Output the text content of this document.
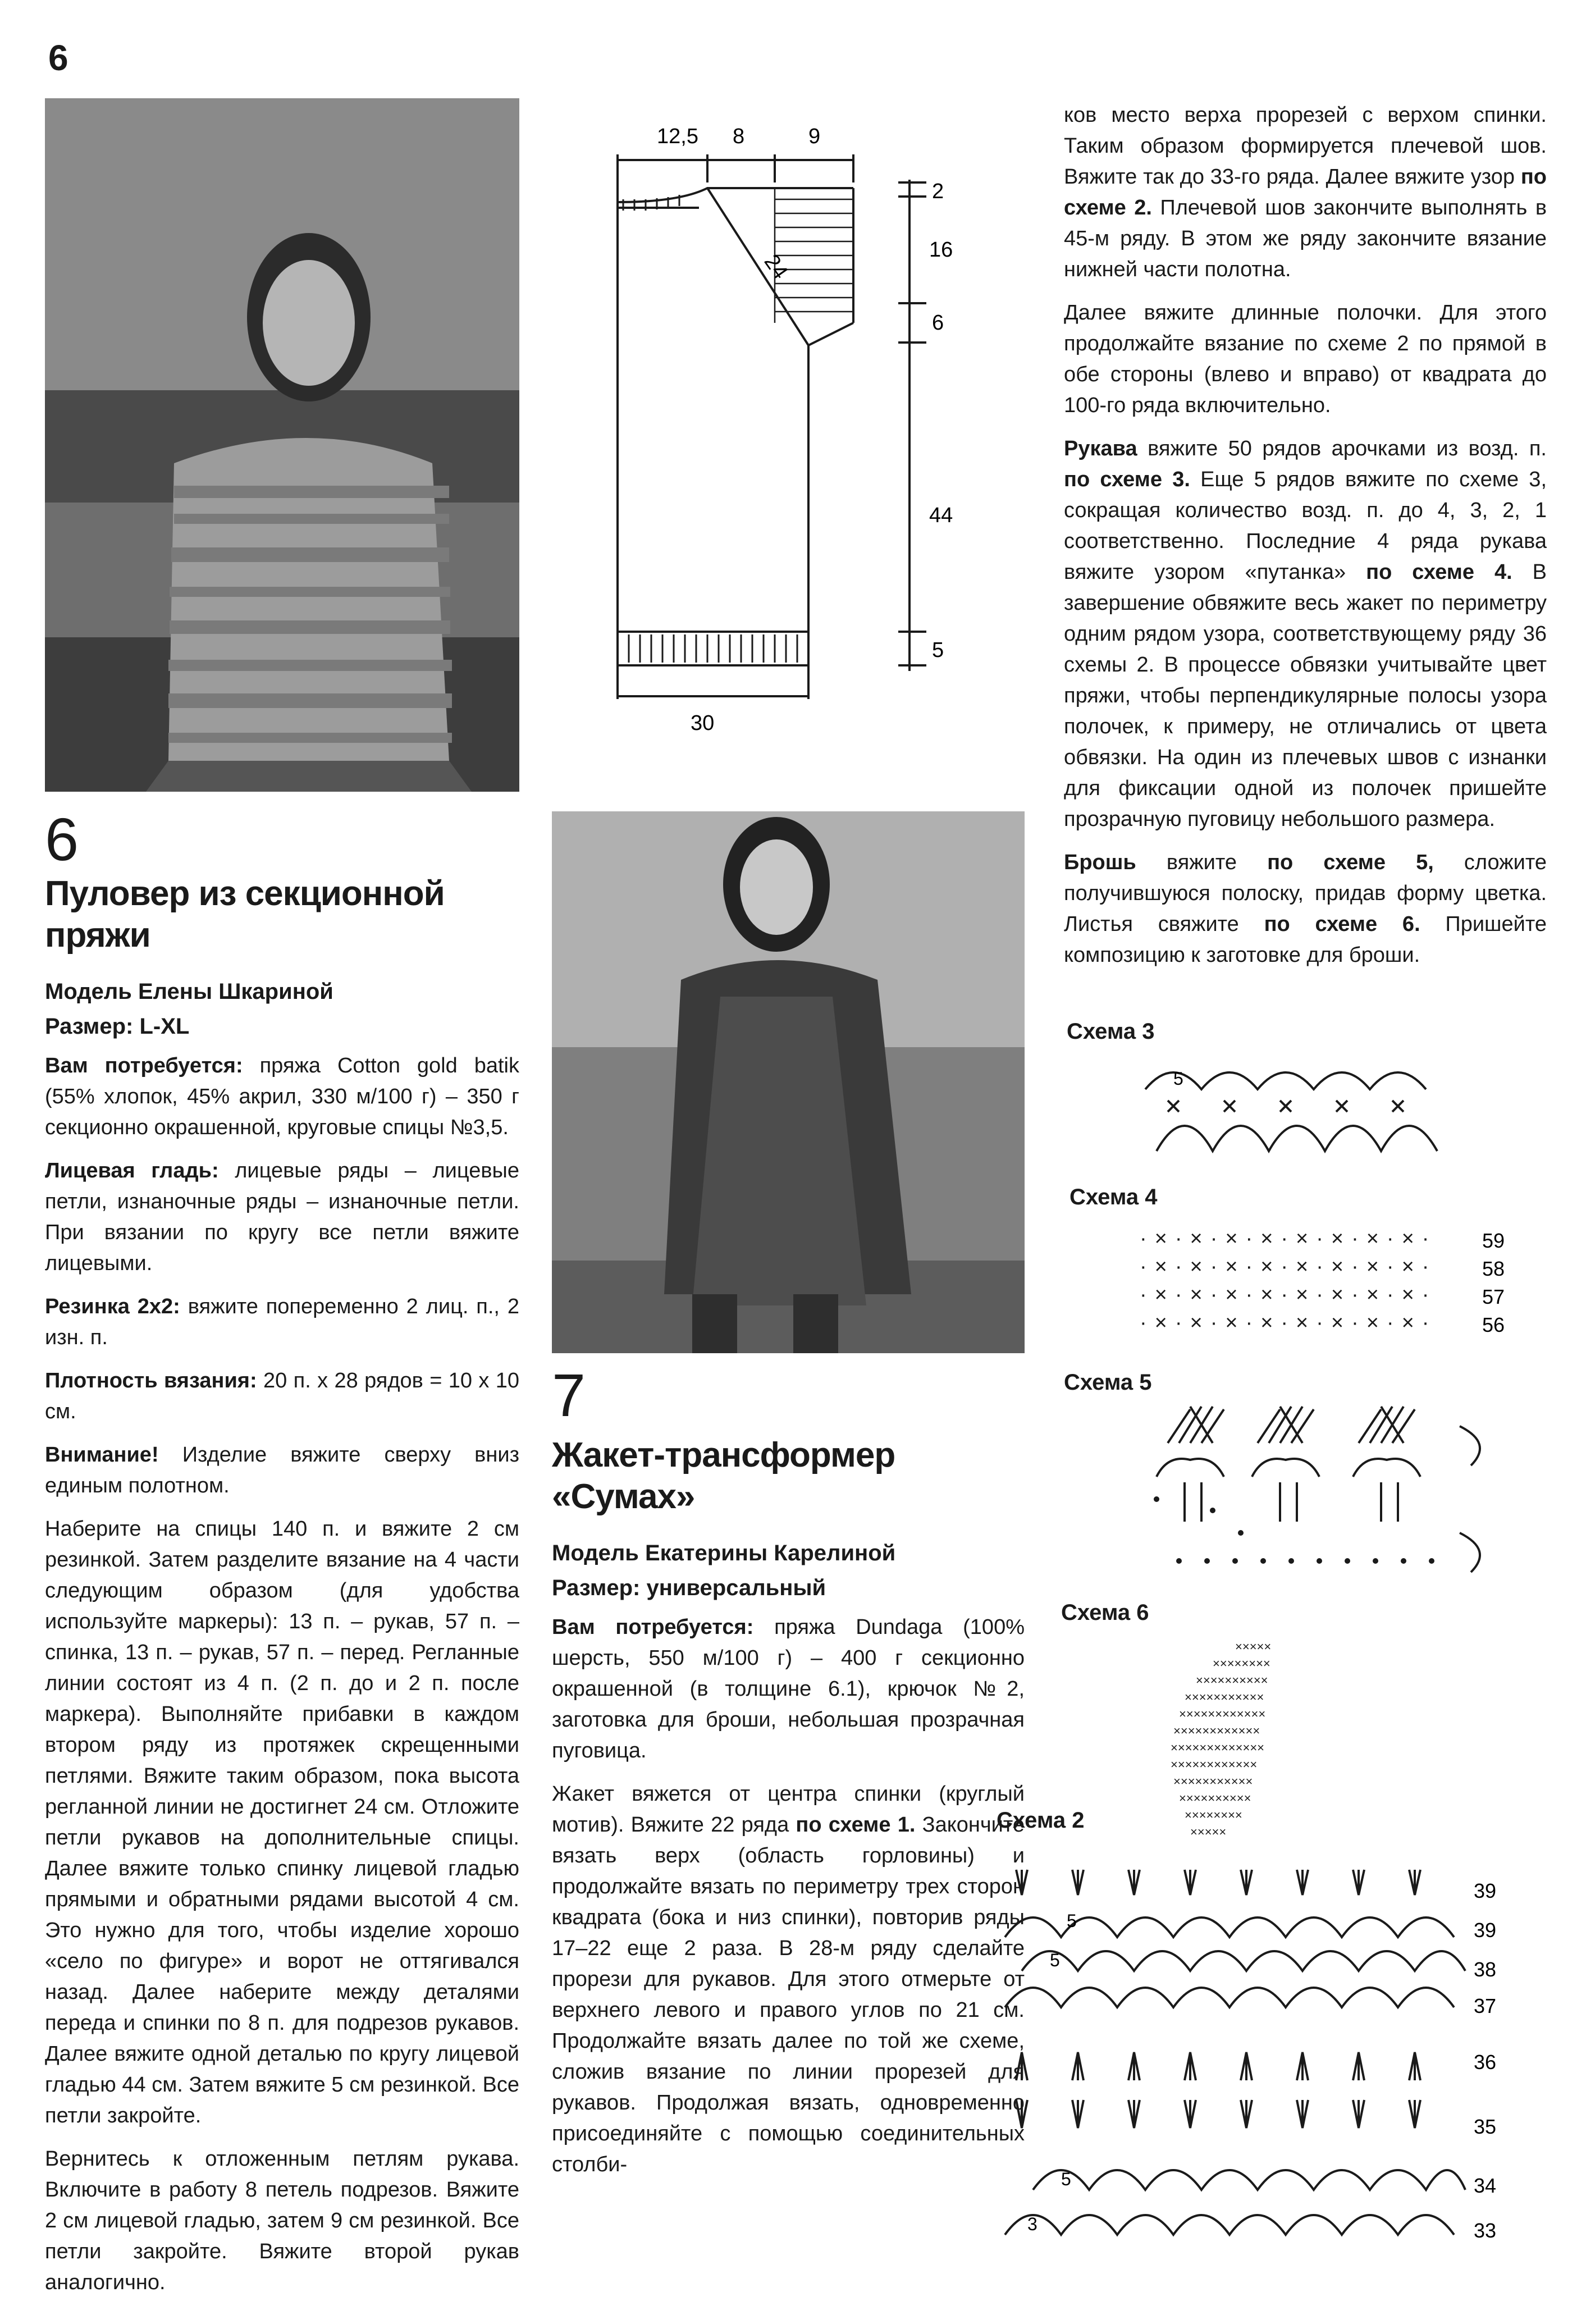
6
12,5 8	9
2
16
6
44
5
24
30
6
Пуловер из секционной
пряжи
Модель Елены Шкариной
Размер: L-XL

Вам потребуется: пряжа Cotton gold batik (55% хлопок, 45% акрил, 330 м/100 г) – 350 г секционно окрашенной, круговые спицы №3,5.

Лицевая гладь: лицевые ряды – лицевые петли, изнаночные ряды – изнаночные петли. При вязании по кругу все петли вяжите лицевыми.

Резинка 2х2: вяжите попеременно 2 лиц. п., 2 изн. п.

Плотность вязания: 20 п. х 28 рядов = 10 х 10 см.

Внимание! Изделие вяжите сверху вниз единым полотном.

Наберите на спицы 140 п. и вяжите 2 см резинкой. Затем разделите вязание на 4 части следующим образом (для удобства используйте маркеры): 13 п. – рукав, 57 п. – спинка, 13 п. – рукав, 57 п. – перед. Регланные линии состоят из 4 п. (2 п. до и 2 п. после маркера). Выполняйте прибавки в каждом втором ряду из протяжек скрещенными петлями. Вяжите таким образом, пока высота регланной линии не достигнет 24 см. Отложите петли рукавов на дополнительные спицы. Далее вяжите только спинку лицевой гладью прямыми и обратными рядами высотой 4 см. Это нужно для того, чтобы изделие хорошо «село по фигуре» и ворот не оттягивался назад. Далее наберите между деталями переда и спинки по 8 п. для подрезов рукавов. Далее вяжите одной деталью по кругу лицевой гладью 44 см. Затем вяжите 5 см резинкой. Все петли закройте.

Вернитесь к отложенным петлям рукава. Включите в работу 8 петель подрезов. Вяжите 2 см лицевой гладью, затем 9 см резинкой. Все петли закройте. Вяжите второй рукав аналогично.

7
Жакет-трансформер
«Сумах»
Модель Екатерины Карелиной
Размер: универсальный

Вам потребуется: пряжа Dundaga (100% шерсть, 550 м/100 г) – 400 г секционно окрашенной (в толщине 6.1), крючок №2, заготовка для броши, небольшая прозрачная пуговица.

Жакет вяжется от центра спинки (круглый мотив). Вяжите 22 ряда по схеме 1. Закончите вязать верх (область горловины) и продолжайте вязать по периметру трех сторон квадрата (бока и низ спинки), повторив ряды 17–22 еще 2 раза. В 28-м ряду сделайте прорези для рукавов. Для этого отмерьте от верхнего левого и правого углов по 21 см. Продолжайте вязать далее по той же схеме, сложив вязание по линии прорезей для рукавов. Продолжая вязать, одновременно присоединяйте с помощью соединительных столби-

ков место верха прорезей с верхом спинки. Таким образом формируется плечевой шов. Вяжите так до 33-го ряда. Далее вяжите узор по схеме 2. Плечевой шов закончите выполнять в 45-м ряду. В этом же ряду закончите вязание нижней части полотна.

Далее вяжите длинные полочки. Для этого продолжайте вязание по схеме 2 по прямой в обе стороны (влево и вправо) от квадрата до 100-го ряда включительно.

Рукава вяжите 50 рядов арочками из возд. п. по схеме 3. Еще 5 рядов вяжите по схеме 3, сокращая количество возд. п. до 4, 3, 2, 1 соответственно. Последние 4 ряда рукава вяжите узором «путанка» по схеме 4. В завершение обвяжите весь жакет по периметру одним рядом узора, соответствующему ряду 36 схемы 2. В процессе обвязки учитывайте цвет пряжи, чтобы перпендикулярные полосы узора полочек, к примеру, не отличались от цвета обвязки. На один из плечевых швов с изнанки для фиксации одной из полочек пришейте прозрачную пуговицу небольшого размера.

Брошь вяжите по схеме 5, сложите получившуюся полоску, придав форму цветка. Листья свяжите по схеме 6. Пришейте композицию к заготовке для броши.

Схема 3
5
Схема 4
·×·×·×·×·×·×·×·×·
·×·×·×·×·×·×·×·×·
·×·×·×·×·×·×·×·×·
·×·×·×·×·×·×·×·×·
59
58
57
56
Схема 5
Схема 6
×××××
××××××××
××××××××××
×××××××××××
××××××××××××
××××××××××××
×××××××××××××
××××××××××××
×××××××××××
××××××××××
××××××××
×××××
Схема 2
5
5
5
3
39
39
38
37
36
35
34
33
